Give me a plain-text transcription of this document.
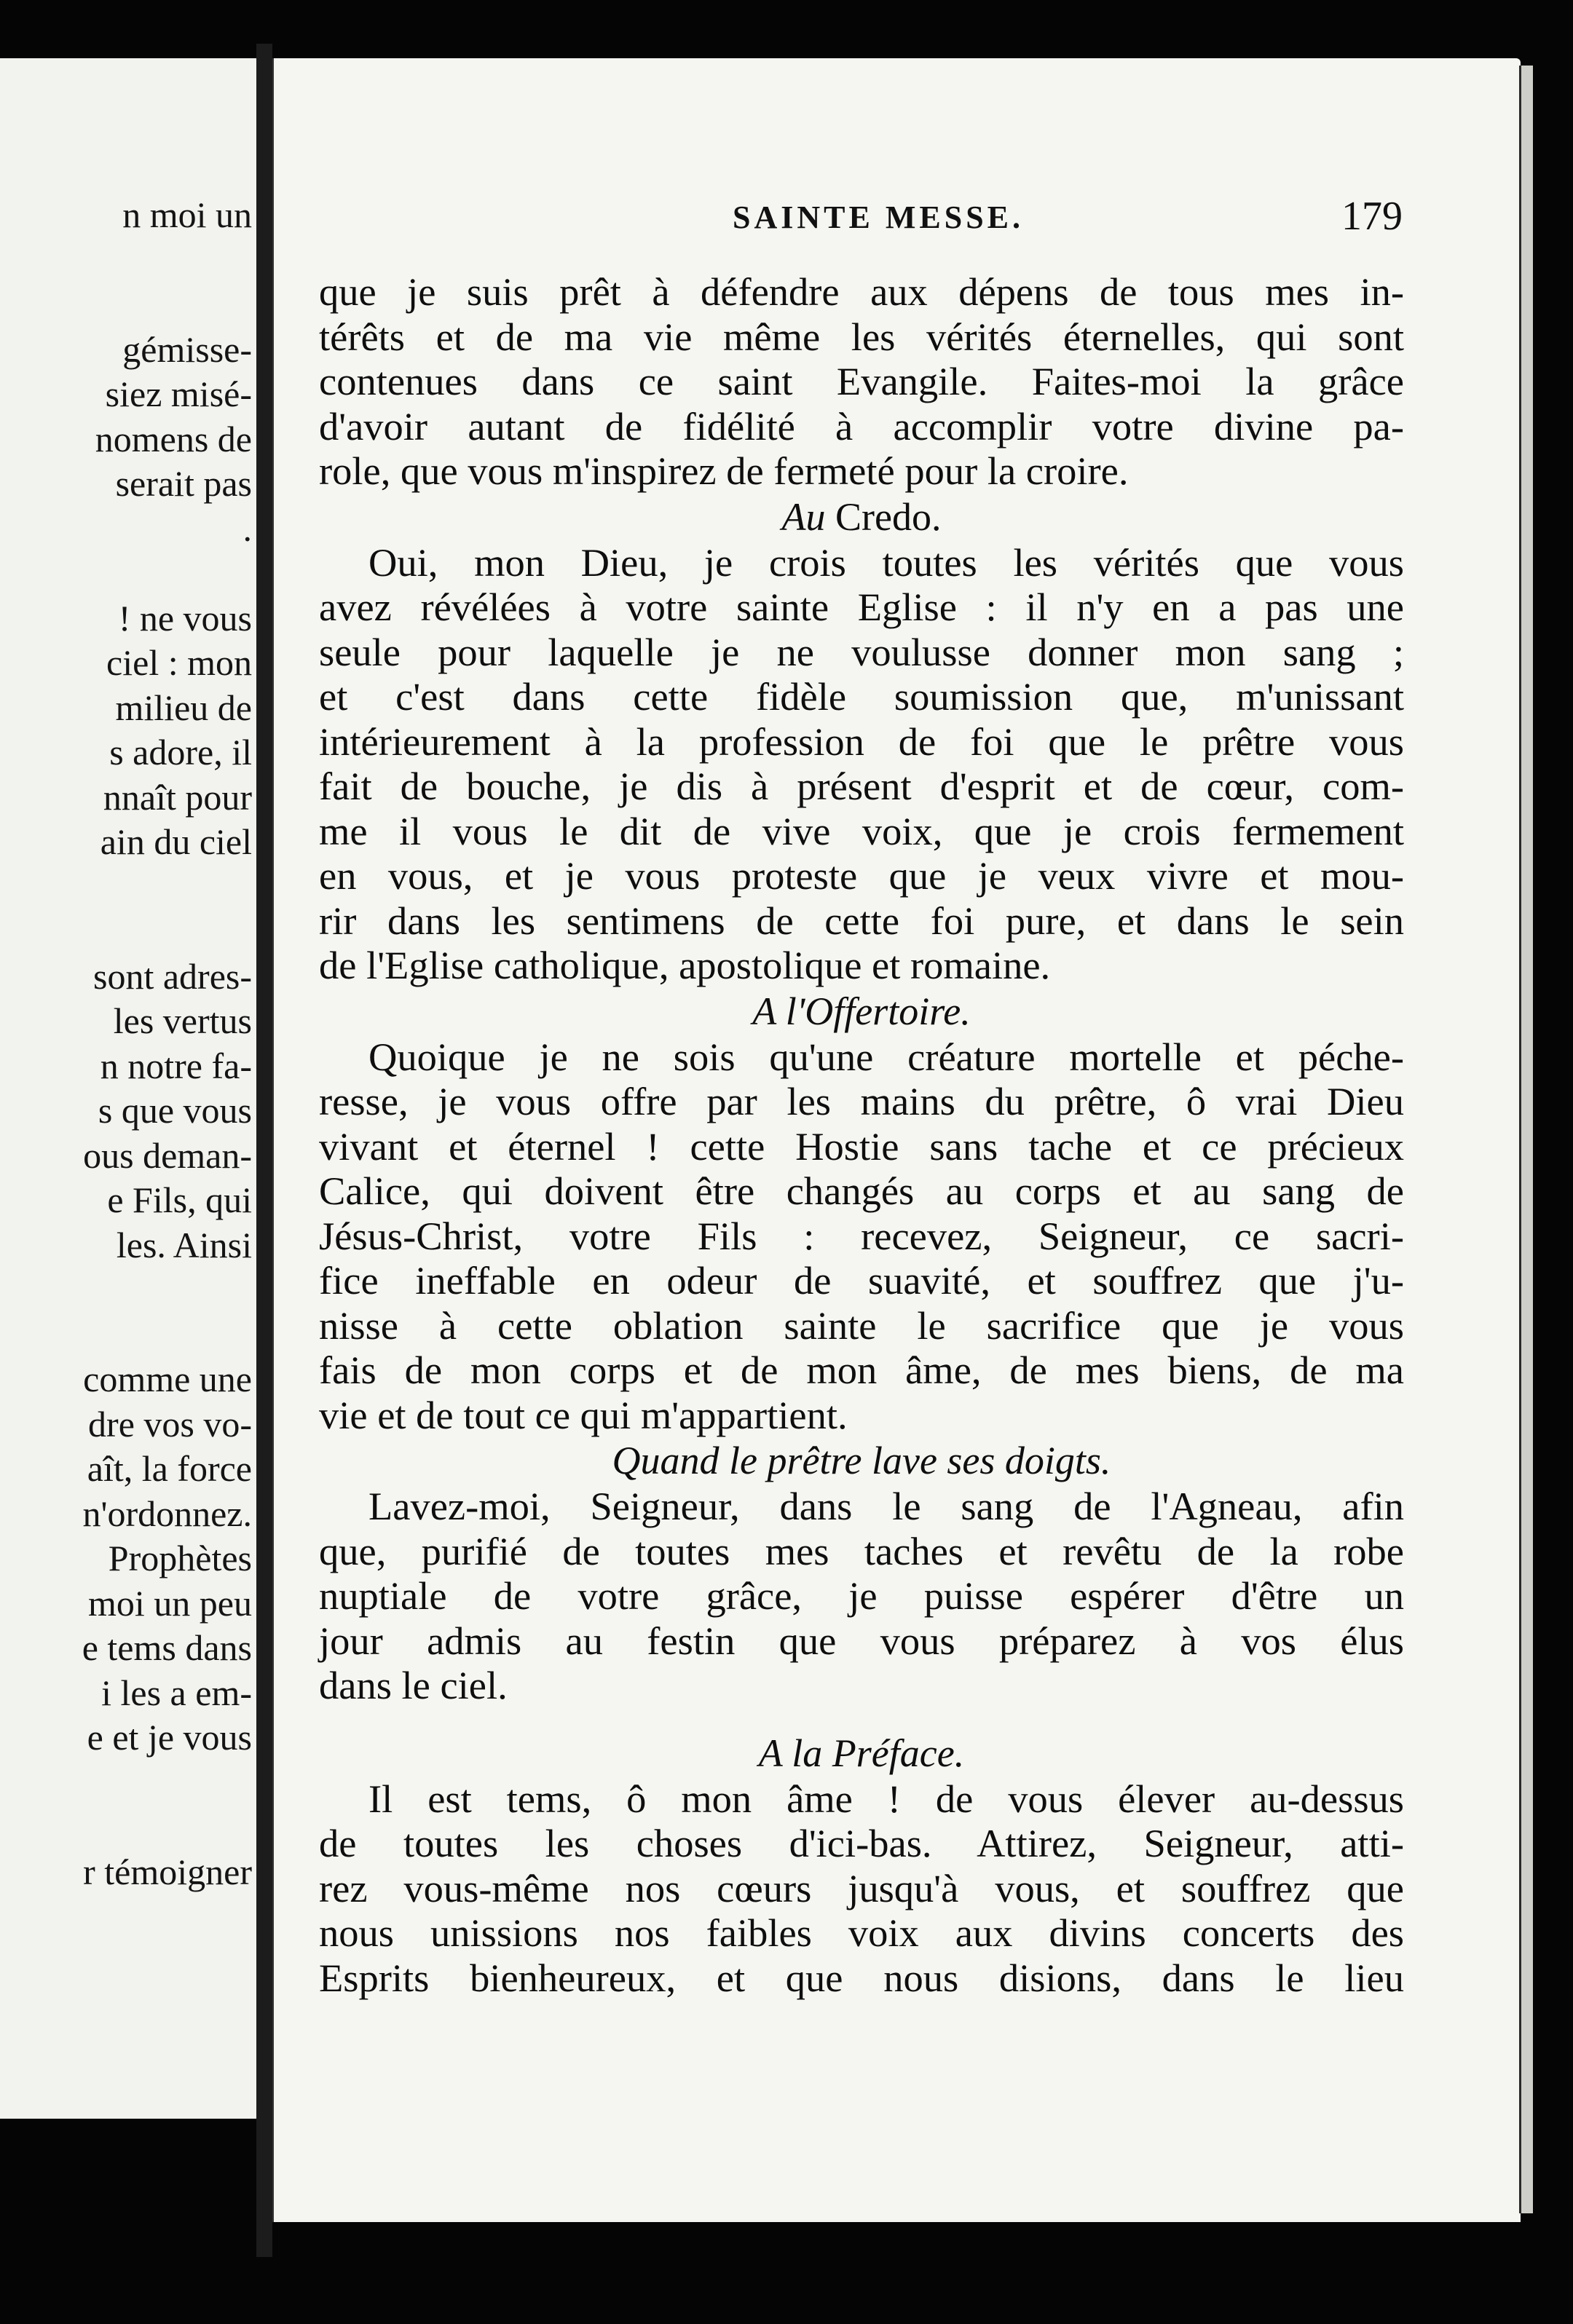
n moi un
gémisse-
siez misé-
nomens de
serait pas
.
! ne vous
ciel : mon
milieu de
s adore, il
nnaît pour
ain du ciel
sont adres-
les vertus
n notre fa-
s que vous
ous deman-
e Fils, qui
les. Ainsi
comme une
dre vos vo-
aît, la force
n'ordonnez.
Prophètes
moi un peu
e tems dans
i les a em-
e et je vous
r témoigner
SAINTE MESSE.	179
que je suis prêt à défendre aux dépens de tous mes in-
térêts et de ma vie même les vérités éternelles, qui sont
contenues dans ce saint Evangile. Faites-moi la grâce
d'avoir autant de fidélité à accomplir votre divine pa-
role, que vous m'inspirez de fermeté pour la croire.
Au Credo.
Oui, mon Dieu, je crois toutes les vérités que vous
avez révélées à votre sainte Eglise : il n'y en a pas une
seule pour laquelle je ne voulusse donner mon sang ;
et c'est dans cette fidèle soumission que, m'unissant
intérieurement à la profession de foi que le prêtre vous
fait de bouche, je dis à présent d'esprit et de cœur, com-
me il vous le dit de vive voix, que je crois fermement
en vous, et je vous proteste que je veux vivre et mou-
rir dans les sentimens de cette foi pure, et dans le sein
de l'Eglise catholique, apostolique et romaine.
A l'Offertoire.
Quoique je ne sois qu'une créature mortelle et péche-
resse, je vous offre par les mains du prêtre, ô vrai Dieu
vivant et éternel ! cette Hostie sans tache et ce précieux
Calice, qui doivent être changés au corps et au sang de
Jésus-Christ, votre Fils : recevez, Seigneur, ce sacri-
fice ineffable en odeur de suavité, et souffrez que j'u-
nisse à cette oblation sainte le sacrifice que je vous
fais de mon corps et de mon âme, de mes biens, de ma
vie et de tout ce qui m'appartient.
Quand le prêtre lave ses doigts.
Lavez-moi, Seigneur, dans le sang de l'Agneau, afin
que, purifié de toutes mes taches et revêtu de la robe
nuptiale de votre grâce, je puisse espérer d'être un
jour admis au festin que vous préparez à vos élus
dans le ciel.
A la Préface.
Il est tems, ô mon âme ! de vous élever au-dessus
de toutes les choses d'ici-bas. Attirez, Seigneur, atti-
rez vous-même nos cœurs jusqu'à vous, et souffrez que
nous unissions nos faibles voix aux divins concerts des
Esprits bienheureux, et que nous disions, dans le lieu
